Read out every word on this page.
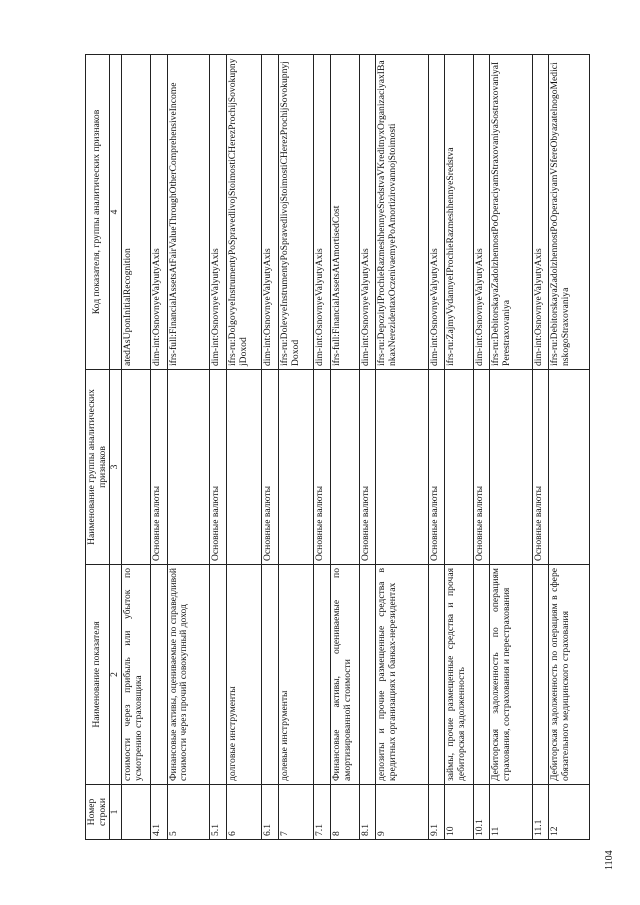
1104
Номер строки	Наименование показателя	Наименование группы аналитических признаков	Код показателя, группы аналитических признаков
1	2	3	4
	стоимости через прибыль или убыток по усмотрению страховщика		atedAsUponInitialRecognition
4.1		Основные валюты	dim-int:OsnovnyeValyutyAxis
5	Финансовые активы, оцениваемые по справедливой стоимости через прочий совокупный доход		ifrs-full:FinancialAssetsAtFairValueThroughOtherComprehensiveIncome
5.1		Основные валюты	dim-int:OsnovnyeValyutyAxis
6	долговые инструменты		ifrs-ru:DolgovyeInstrumentyPoSpravedlivojStoimostiCHerezProchijSovokupnyjDoxod
6.1		Основные валюты	dim-int:OsnovnyeValyutyAxis
7	долевые инструменты		ifrs-ru:DolevyeInstrumentyPoSpravedlivojStoimostiCHerezProchijSovokupnyjDoxod
7.1		Основные валюты	dim-int:OsnovnyeValyutyAxis
8	Финансовые активы, оцениваемые по амортизированной стоимости		ifrs-full:FinancialAssetsAtAmortisedCost
8.1		Основные валюты	dim-int:OsnovnyeValyutyAxis
9	депозиты и прочие размещенные средства в кредитных организациях и банках-нерезидентах		ifrs-ru:DepozityIProchieRazmeshhennyeSredstvaVKreditnyxOrganizaciyaxIBankaxNerezidentaxOczenivaemyePoAmortizirovannojStoimosti
9.1		Основные валюты	dim-int:OsnovnyeValyutyAxis
10	займы, прочие размещенные средства и прочая дебиторская задолженность		ifrs-ru:ZajmyVydannyeIProchieRazmeshhennyeSredstva
10.1		Основные валюты	dim-int:OsnovnyeValyutyAxis
11	Дебиторская задолженность по операциям страхования, сострахования и перестрахования		ifrs-ru:DebitorskayaZadolzhennostPoOperaciyamStraxovaniyaSostraxovaniyaIPerestraxovaniya
11.1		Основные валюты	dim-int:OsnovnyeValyutyAxis
12	Дебиторская задолженность по операциям в сфере обязательного медицинского страхования		ifrs-ru:DebitorskayaZadolzhennostPoOperaciyamVSfereObyazatelnogoMedicinskogoStraxovaniya
